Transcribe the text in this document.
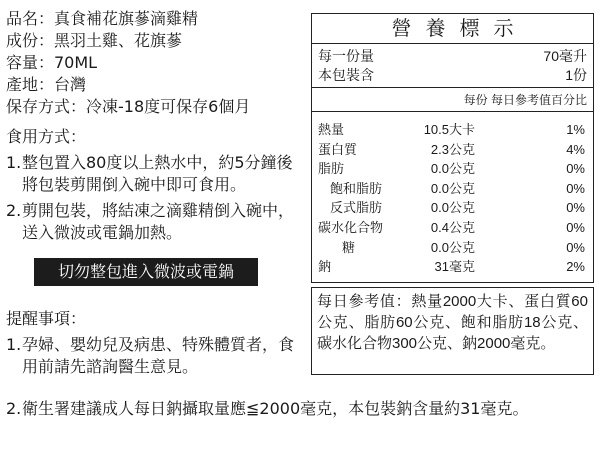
品名：真食補花旗蔘滴雞精
成份：黑羽土雞、花旗蔘
容量：70ML
產地：台灣
保存方式：冷凍-18度可保存6個月
食用方式：
1. 整包置入80度以上熱水中，約5分鐘後將包裝剪開倒入碗中即可食用。
2. 剪開包裝，將結凍之滴雞精倒入碗中，送入微波或電鍋加熱。
切勿整包進入微波或電鍋
提醒事項：
1. 孕婦、嬰幼兒及病患、特殊體質者，食用前請先諮詢醫生意見。
2. 衛生署建議成人每日鈉攝取量應≦2000毫克，本包裝鈉含量約31毫克。
營養標示
每一份量	70毫升
本包裝含	1份
每份 每日參考值百分比
熱量	10.5大卡	1%
蛋白質	2.3公克	4%
脂肪	0.0公克	0%
飽和脂肪	0.0公克	0%
反式脂肪	0.0公克	0%
碳水化合物	0.4公克	0%
糖	0.0公克	0%
鈉	31毫克	2%
每日參考值：熱量2000大卡、蛋白質60公克、脂肪60公克、飽和脂肪18公克、碳水化合物300公克、鈉2000毫克。
